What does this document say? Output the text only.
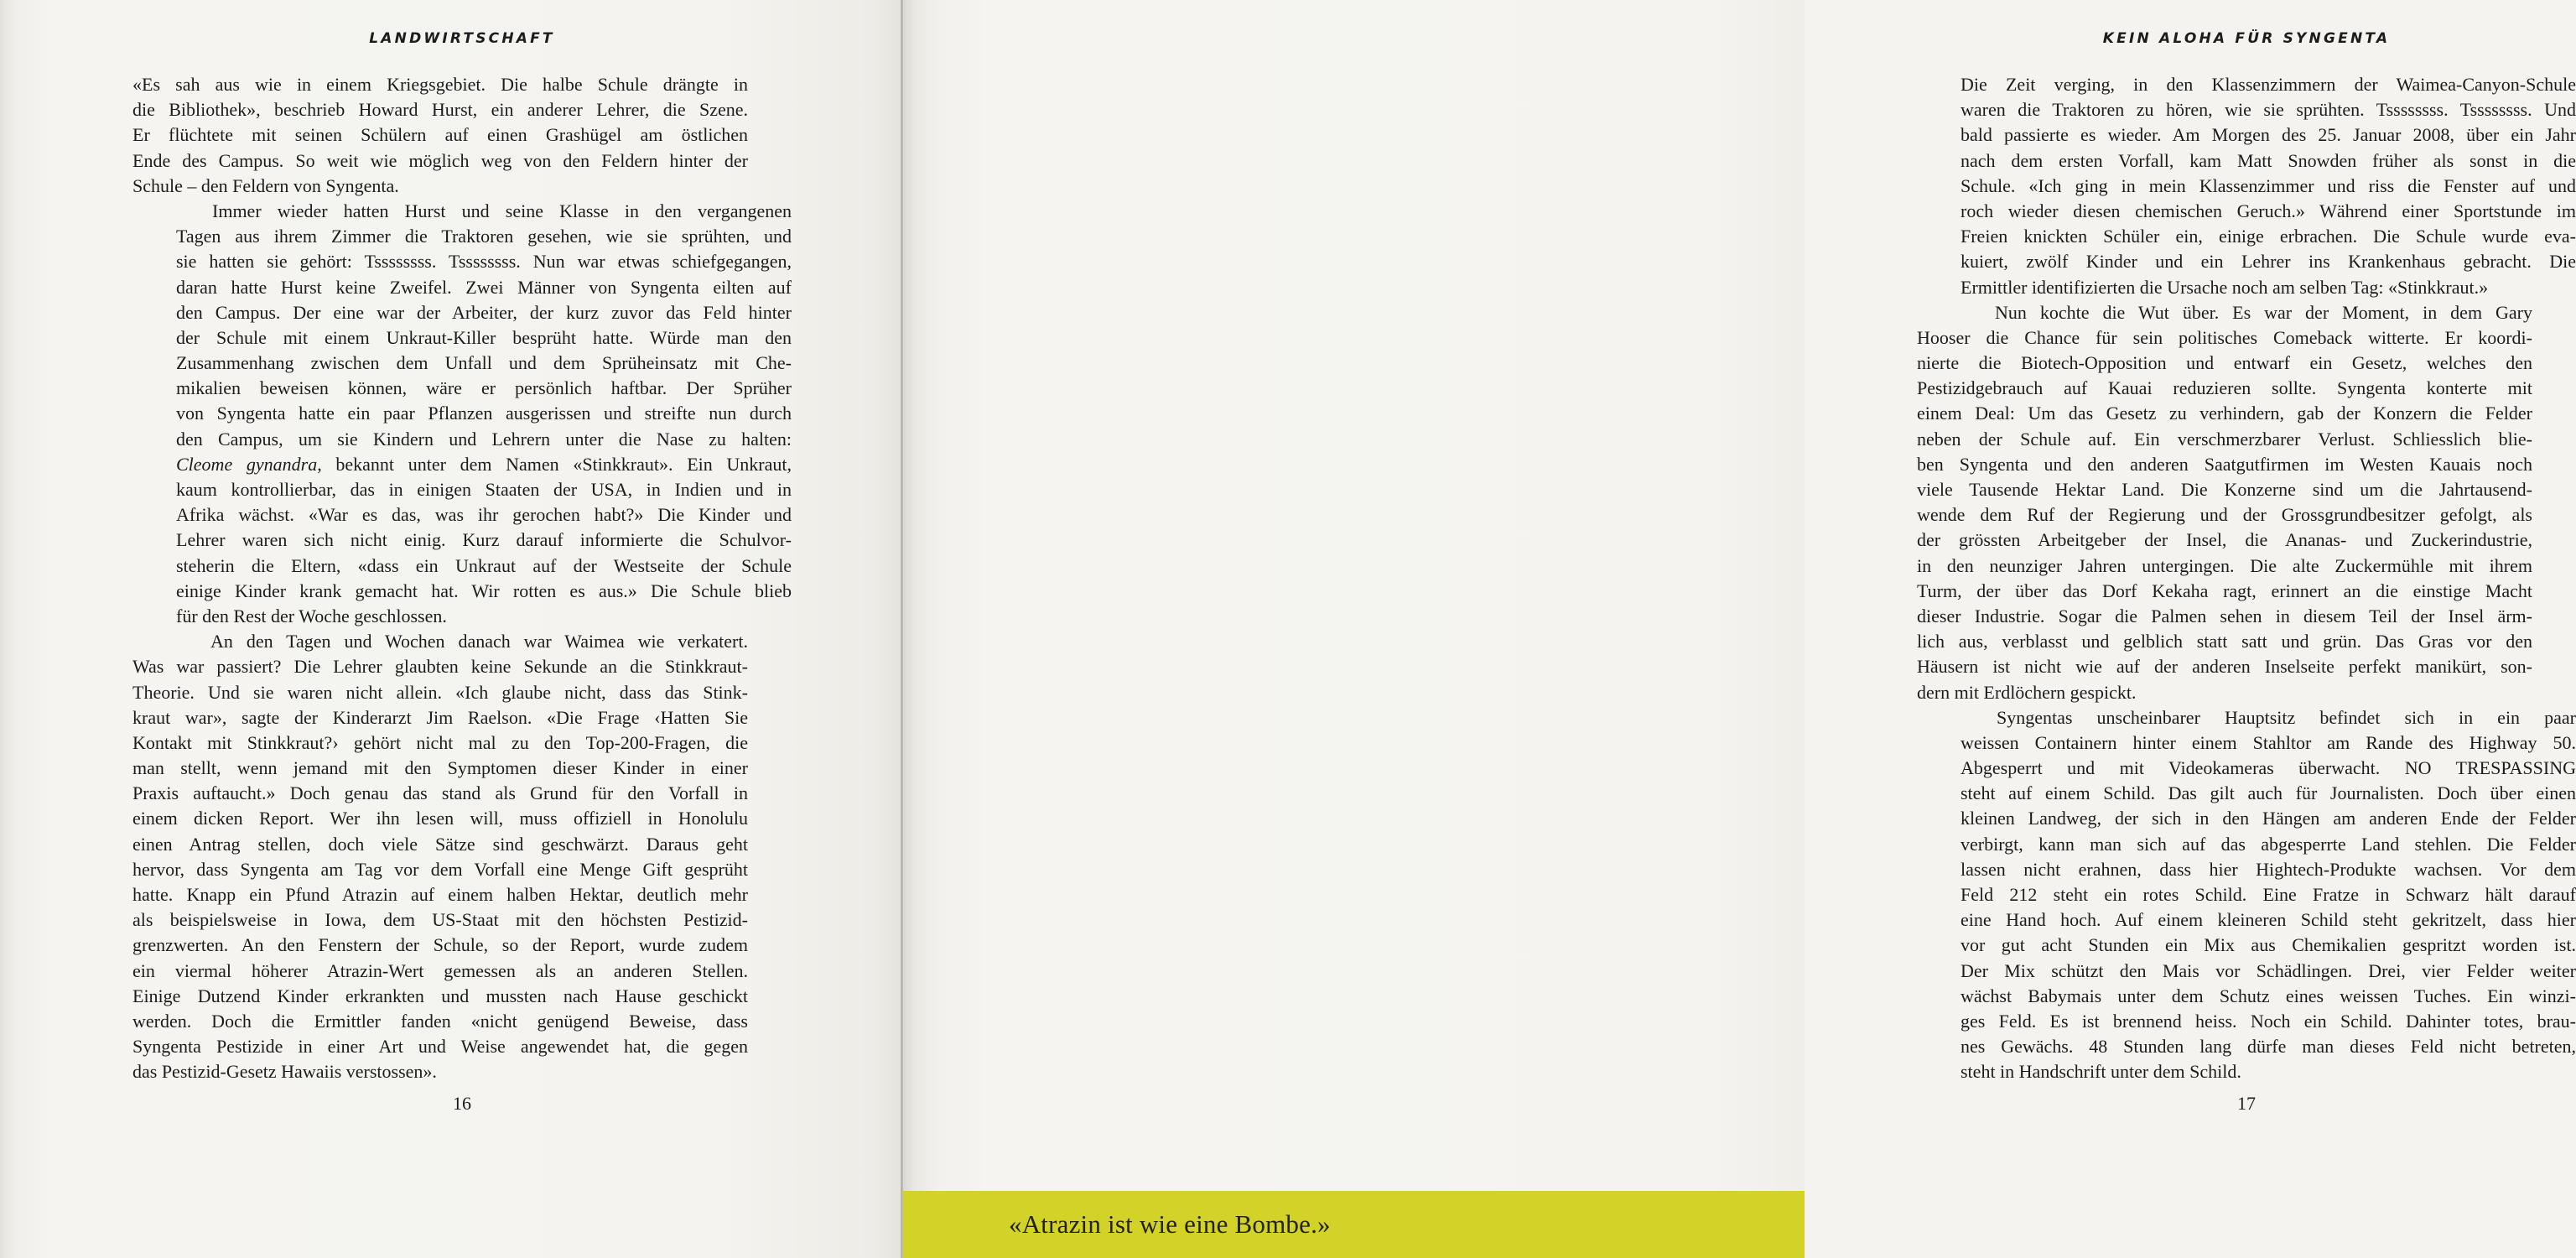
LANDWIRTSCHAFT
«Es sah aus wie in einem Kriegsgebiet. Die halbe Schule drängte in
die Bibliothek», beschrieb Howard Hurst, ein anderer Lehrer, die Szene.
Er flüchtete mit seinen Schülern auf einen Grashügel am östlichen
Ende des Campus. So weit wie möglich weg von den Feldern hinter der
Schule – den Feldern von Syngenta.
Immer wieder hatten Hurst und seine Klasse in den vergangenen
Tagen aus ihrem Zimmer die Traktoren gesehen, wie sie sprühten, und
sie hatten sie gehört: Tssssssss. Tssssssss. Nun war etwas schiefgegangen,
daran hatte Hurst keine Zweifel. Zwei Männer von Syngenta eilten auf
den Campus. Der eine war der Arbeiter, der kurz zuvor das Feld hinter
der Schule mit einem Unkraut-Killer besprüht hatte. Würde man den
Zusammenhang zwischen dem Unfall und dem Sprüheinsatz mit Che-
mikalien beweisen können, wäre er persönlich haftbar. Der Sprüher
von Syngenta hatte ein paar Pflanzen ausgerissen und streifte nun durch
den Campus, um sie Kindern und Lehrern unter die Nase zu halten:
Cleome gynandra, bekannt unter dem Namen «Stinkkraut». Ein Unkraut,
kaum kontrollierbar, das in einigen Staaten der USA, in Indien und in
Afrika wächst. «War es das, was ihr gerochen habt?» Die Kinder und
Lehrer waren sich nicht einig. Kurz darauf informierte die Schulvor-
steherin die Eltern, «dass ein Unkraut auf der Westseite der Schule
einige Kinder krank gemacht hat. Wir rotten es aus.» Die Schule blieb
für den Rest der Woche geschlossen.
An den Tagen und Wochen danach war Waimea wie verkatert.
Was war passiert? Die Lehrer glaubten keine Sekunde an die Stinkkraut-
Theorie. Und sie waren nicht allein. «Ich glaube nicht, dass das Stink-
kraut war», sagte der Kinderarzt Jim Raelson. «Die Frage ‹Hatten Sie
Kontakt mit Stinkkraut?› gehört nicht mal zu den Top-200-Fragen, die
man stellt, wenn jemand mit den Symptomen dieser Kinder in einer
Praxis auftaucht.» Doch genau das stand als Grund für den Vorfall in
einem dicken Report. Wer ihn lesen will, muss offiziell in Honolulu
einen Antrag stellen, doch viele Sätze sind geschwärzt. Daraus geht
hervor, dass Syngenta am Tag vor dem Vorfall eine Menge Gift gesprüht
hatte. Knapp ein Pfund Atrazin auf einem halben Hektar, deutlich mehr
als beispielsweise in Iowa, dem US-Staat mit den höchsten Pestizid-
grenzwerten. An den Fenstern der Schule, so der Report, wurde zudem
ein viermal höherer Atrazin-Wert gemessen als an anderen Stellen.
Einige Dutzend Kinder erkrankten und mussten nach Hause geschickt
werden. Doch die Ermittler fanden «nicht genügend Beweise, dass
Syngenta Pestizide in einer Art und Weise angewendet hat, die gegen
das Pestizid-Gesetz Hawaiis verstossen».
16
KEIN ALOHA FÜR SYNGENTA
Die Zeit verging, in den Klassenzimmern der Waimea-Canyon-Schule
waren die Traktoren zu hören, wie sie sprühten. Tssssssss. Tssssssss. Und
bald passierte es wieder. Am Morgen des 25. Januar 2008, über ein Jahr
nach dem ersten Vorfall, kam Matt Snowden früher als sonst in die
Schule. «Ich ging in mein Klassenzimmer und riss die Fenster auf und
roch wieder diesen chemischen Geruch.» Während einer Sportstunde im
Freien knickten Schüler ein, einige erbrachen. Die Schule wurde eva-
kuiert, zwölf Kinder und ein Lehrer ins Krankenhaus gebracht. Die
Ermittler identifizierten die Ursache noch am selben Tag: «Stinkkraut.»
Nun kochte die Wut über. Es war der Moment, in dem Gary
Hooser die Chance für sein politisches Comeback witterte. Er koordi-
nierte die Biotech-Opposition und entwarf ein Gesetz, welches den
Pestizidgebrauch auf Kauai reduzieren sollte. Syngenta konterte mit
einem Deal: Um das Gesetz zu verhindern, gab der Konzern die Felder
neben der Schule auf. Ein verschmerzbarer Verlust. Schliesslich blie-
ben Syngenta und den anderen Saatgutfirmen im Westen Kauais noch
viele Tausende Hektar Land. Die Konzerne sind um die Jahrtausend-
wende dem Ruf der Regierung und der Grossgrundbesitzer gefolgt, als
der grössten Arbeitgeber der Insel, die Ananas- und Zuckerindustrie,
in den neunziger Jahren untergingen. Die alte Zuckermühle mit ihrem
Turm, der über das Dorf Kekaha ragt, erinnert an die einstige Macht
dieser Industrie. Sogar die Palmen sehen in diesem Teil der Insel ärm-
lich aus, verblasst und gelblich statt satt und grün. Das Gras vor den
Häusern ist nicht wie auf der anderen Inselseite perfekt manikürt, son-
dern mit Erdlöchern gespickt.
Syngentas unscheinbarer Hauptsitz befindet sich in ein paar
weissen Containern hinter einem Stahltor am Rande des Highway 50.
Abgesperrt und mit Videokameras überwacht. NO TRESPASSING
steht auf einem Schild. Das gilt auch für Journalisten. Doch über einen
kleinen Landweg, der sich in den Hängen am anderen Ende der Felder
verbirgt, kann man sich auf das abgesperrte Land stehlen. Die Felder
lassen nicht erahnen, dass hier Hightech-Produkte wachsen. Vor dem
Feld 212 steht ein rotes Schild. Eine Fratze in Schwarz hält darauf
eine Hand hoch. Auf einem kleineren Schild steht gekritzelt, dass hier
vor gut acht Stunden ein Mix aus Chemikalien gespritzt worden ist.
Der Mix schützt den Mais vor Schädlingen. Drei, vier Felder weiter
wächst Babymais unter dem Schutz eines weissen Tuches. Ein winzi-
ges Feld. Es ist brennend heiss. Noch ein Schild. Dahinter totes, brau-
nes Gewächs. 48 Stunden lang dürfe man dieses Feld nicht betreten,
steht in Handschrift unter dem Schild.
17
«Atrazin ist wie eine Bombe.»
